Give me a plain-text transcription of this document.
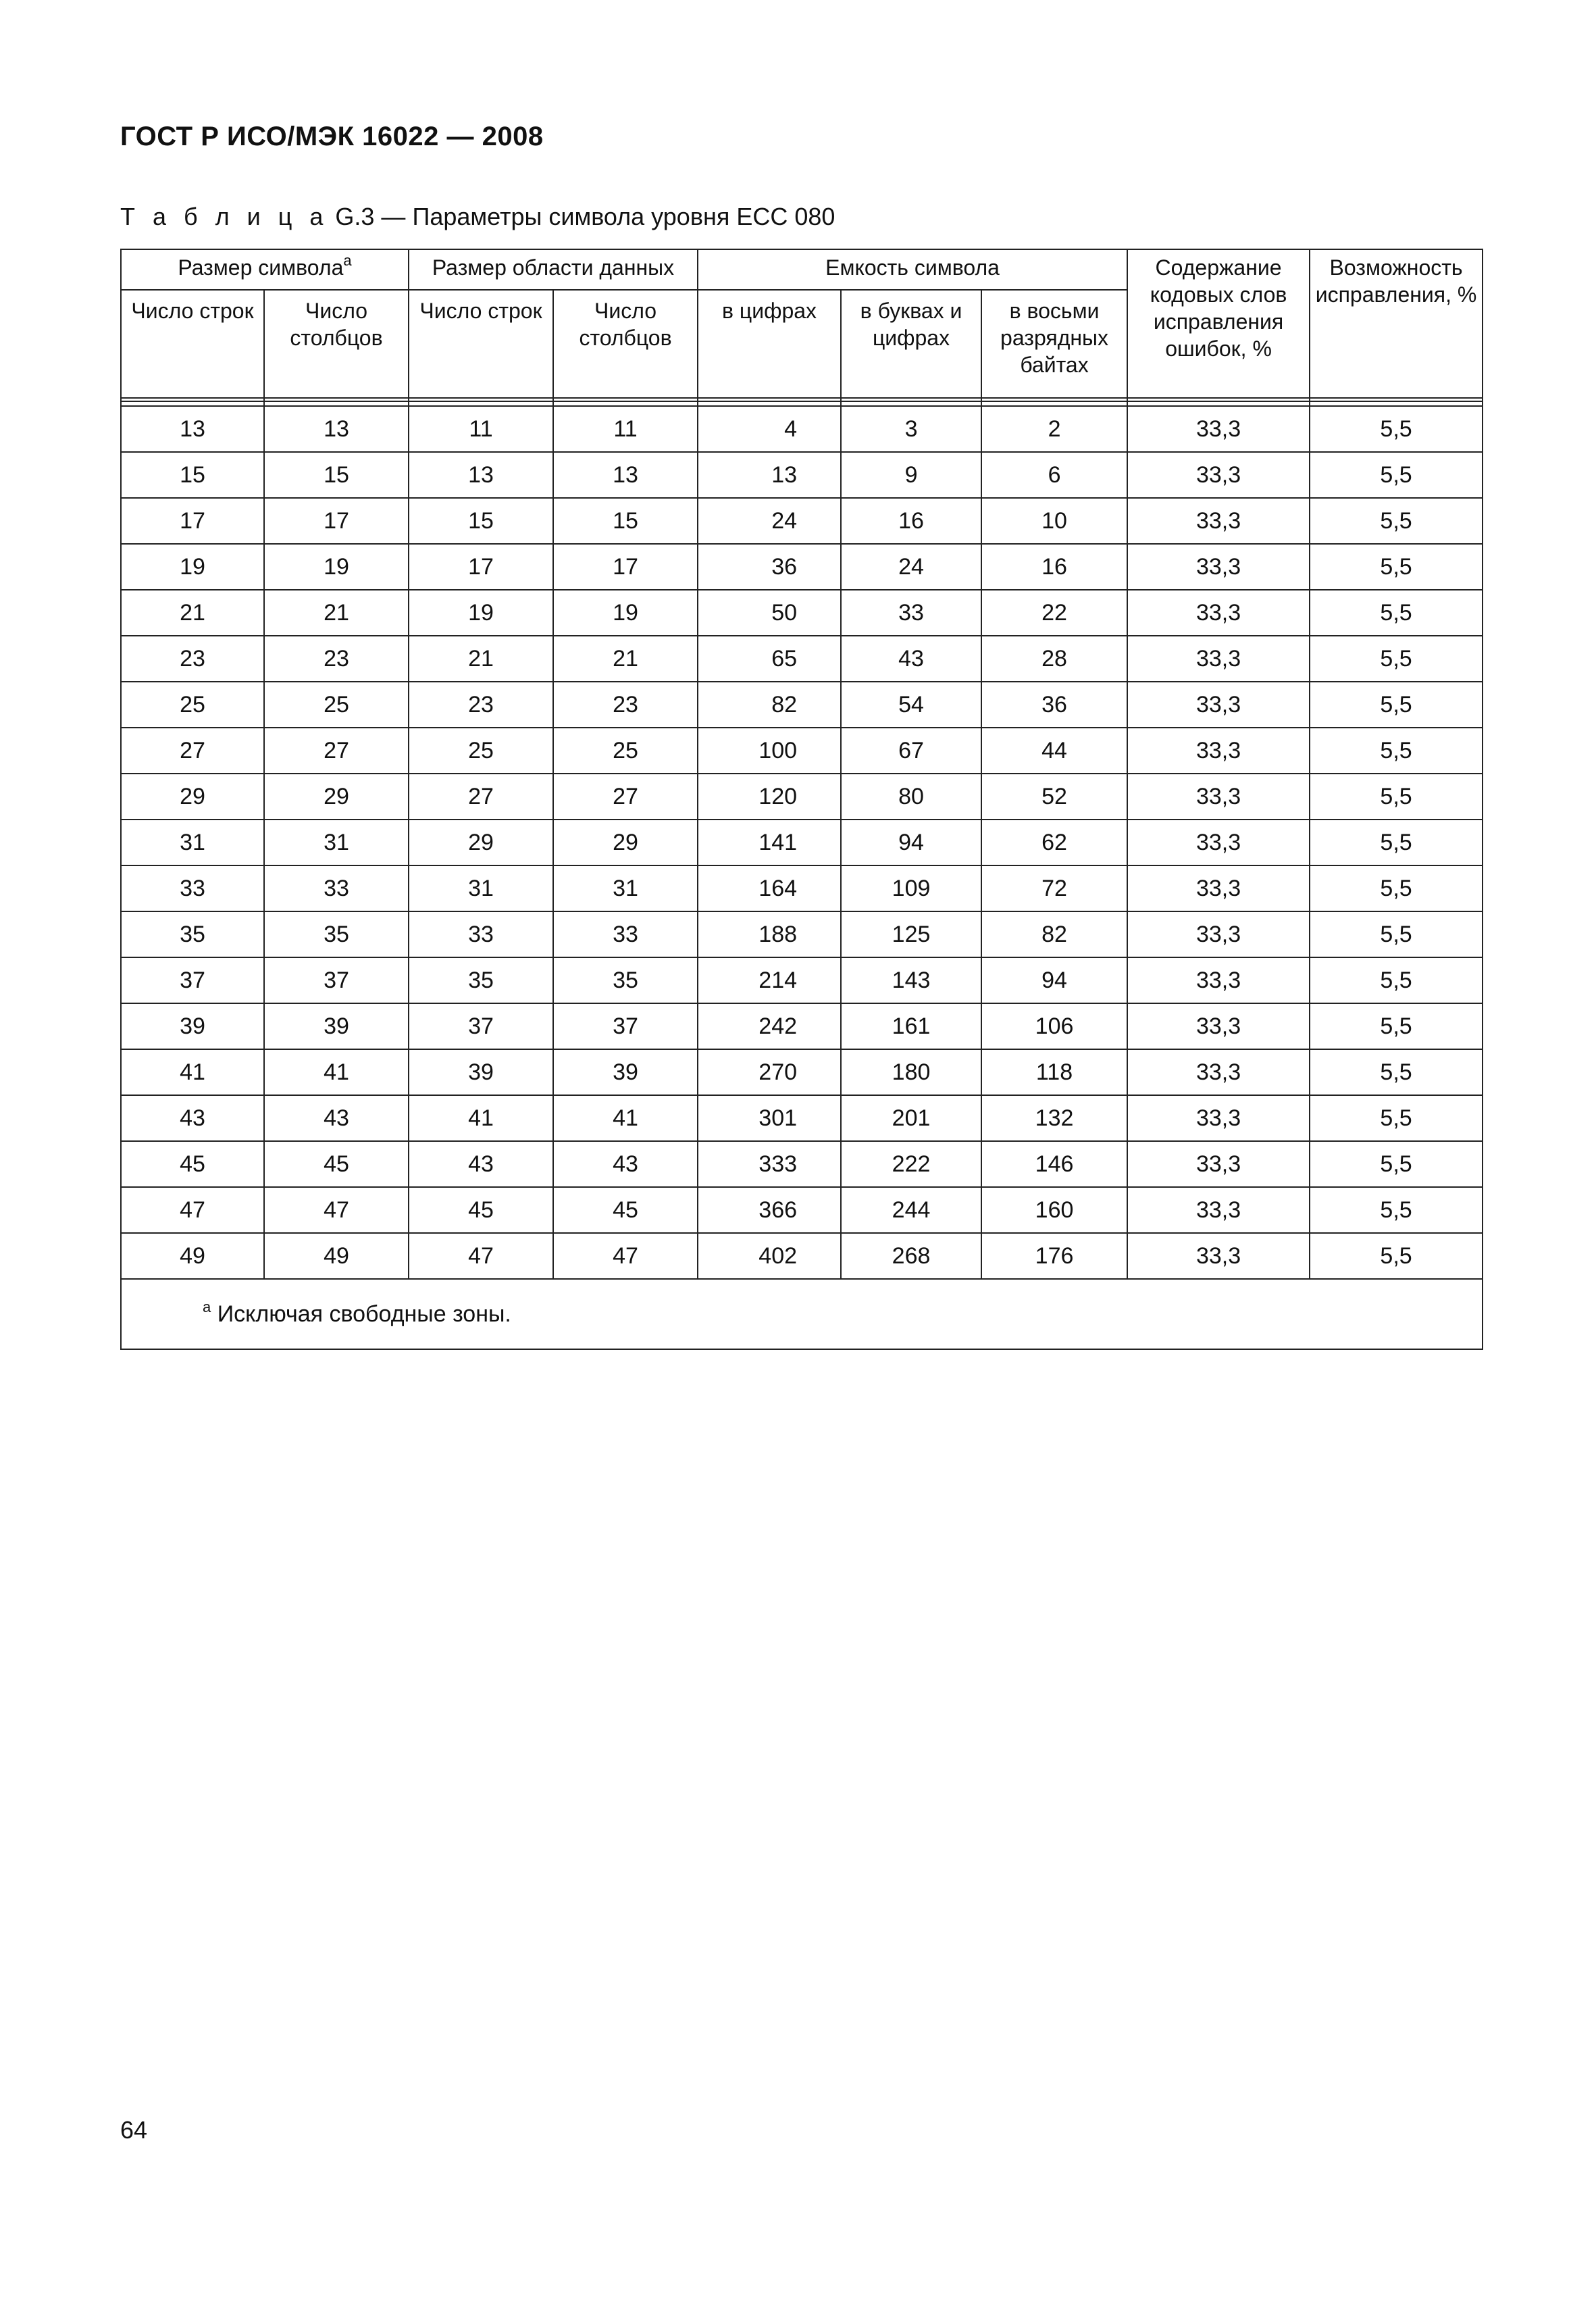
ГОСТ Р ИСО/МЭК 16022 — 2008
Т а б л и ц а G.3 — Параметры символа уровня ЕСС 080
Размер символа$^a$		Размер области данных		Емкость символа			Содержание кодовых слов исправления ошибок, %	Возможность исправления, %
Число строк	Число столбцов	Число строк	Число столбцов	в цифрах	в буквах и цифрах	в восьми разрядных байтах		

13	13	11	11	4	3	2	33,3	5,5
15	15	13	13	13	9	6	33,3	5,5
17	17	15	15	24	16	10	33,3	5,5
19	19	17	17	36	24	16	33,3	5,5
21	21	19	19	50	33	22	33,3	5,5
23	23	21	21	65	43	28	33,3	5,5
25	25	23	23	82	54	36	33,3	5,5
27	27	25	25	100	67	44	33,3	5,5
29	29	27	27	120	80	52	33,3	5,5
31	31	29	29	141	94	62	33,3	5,5
33	33	31	31	164	109	72	33,3	5,5
35	35	33	33	188	125	82	33,3	5,5
37	37	35	35	214	143	94	33,3	5,5
39	39	37	37	242	161	106	33,3	5,5
41	41	39	39	270	180	118	33,3	5,5
43	43	41	41	301	201	132	33,3	5,5
45	45	43	43	333	222	146	33,3	5,5
47	47	45	45	366	244	160	33,3	5,5
49	49	47	47	402	268	176	33,3	5,5
$^a$ Исключая свободные зоны.								
64
